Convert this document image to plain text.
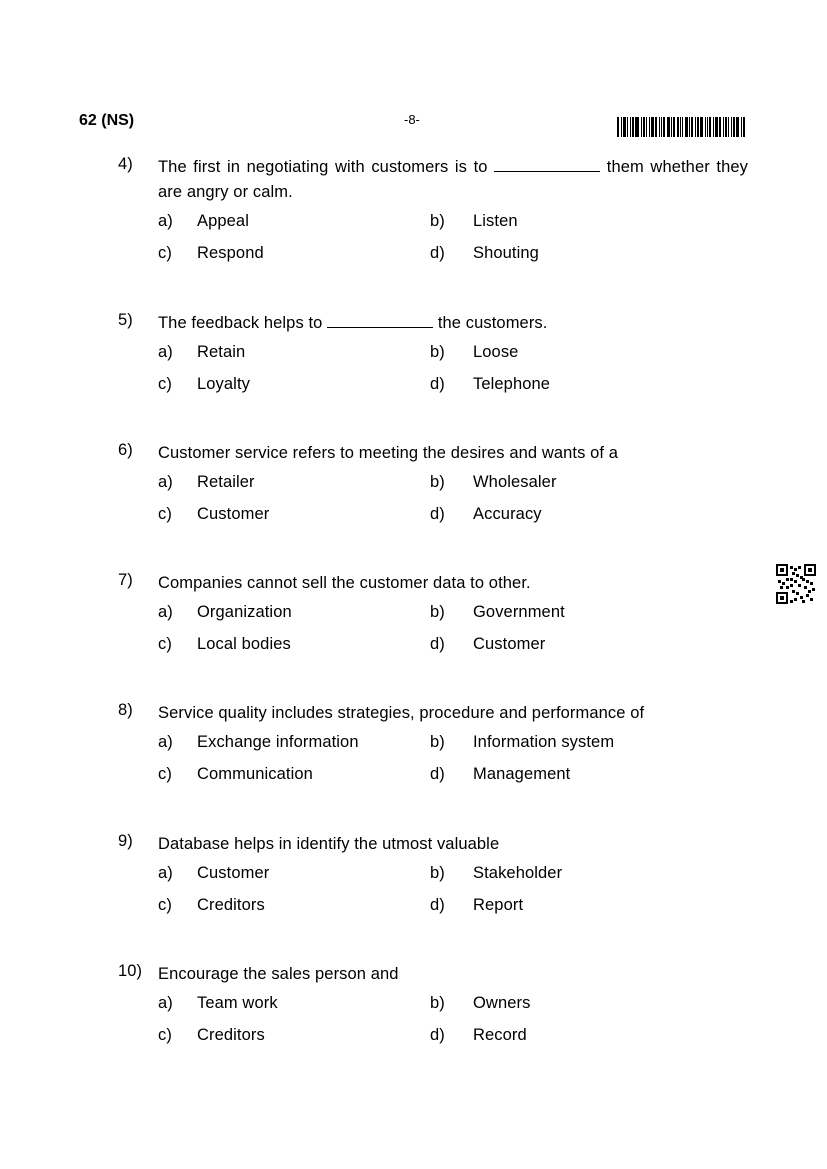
62 (NS)	-8-
4) The first in negotiating with customers is to	them whether they are angry or calm.
a) Appeal	b) Listen
c) Respond	d) Shouting
5) The feedback helps to	the customers.
a) Retain	b) Loose
c) Loyalty	d) Telephone
6) Customer service refers to meeting the desires and wants of a
a) Retailer	b) Wholesaler
c) Customer	d) Accuracy
7) Companies cannot sell the customer data to other.
a) Organization	b) Government
c) Local bodies	d) Customer
8) Service quality includes strategies, procedure and performance of
a) Exchange information	b) Information system
c) Communication	d) Management
9) Database helps in identify the utmost valuable
a) Customer	b) Stakeholder
c) Creditors	d) Report
10) Encourage the sales person and
a) Team work	b) Owners
c) Creditors	d) Record
